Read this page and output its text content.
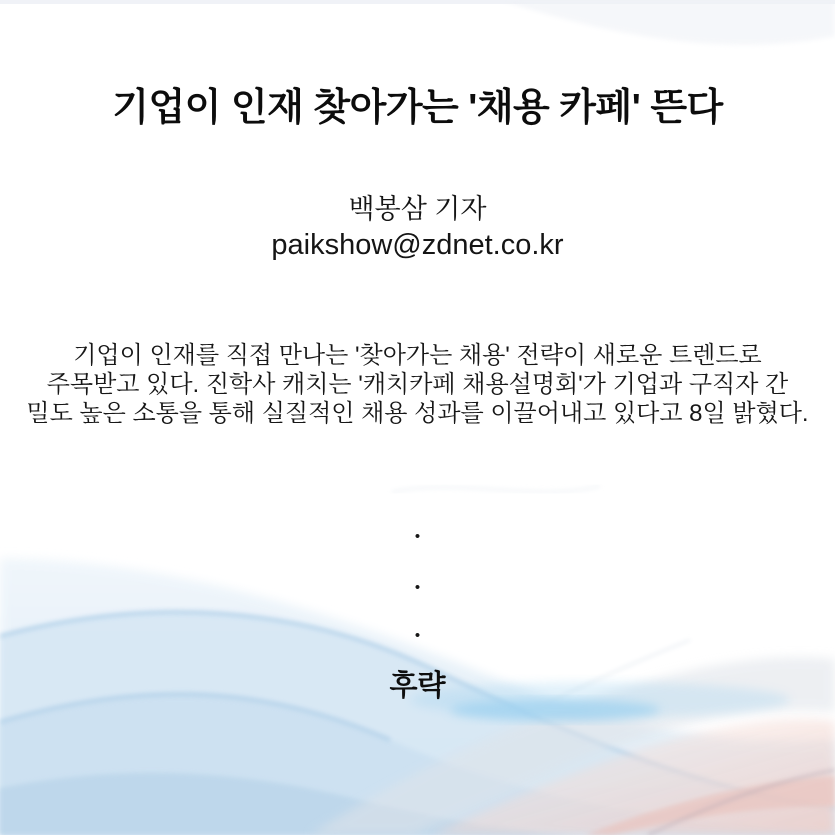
기업이 인재 찾아가는 '채용 카페' 뜬다
백봉삼 기자
paikshow@zdnet.co.kr
기업이 인재를 직접 만나는 '찾아가는 채용' 전략이 새로운 트렌드로
주목받고 있다. 진학사 캐치는 '캐치카페 채용설명회'가 기업과 구직자 간
밀도 높은 소통을 통해 실질적인 채용 성과를 이끌어내고 있다고 8일 밝혔다.
•
•
•
후략
